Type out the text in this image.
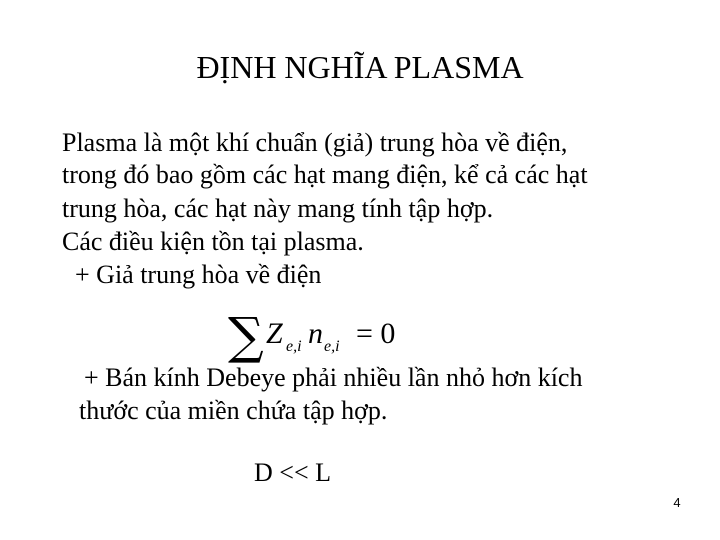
ĐỊNH NGHĨA PLASMA
Plasma là một khí chuẩn (giả) trung hòa về điện,
trong đó bao gồm các hạt mang điện, kể cả các hạt
trung hòa, các hạt này mang tính tập hợp.
Các điều kiện tồn tại plasma.
+ Giả trung hòa về điện
∑ Z e,i n e,i = 0
+ Bán kính Debeye phải nhiều lần nhỏ hơn kích
thước của miền chứa tập hợp.
D << L
4
